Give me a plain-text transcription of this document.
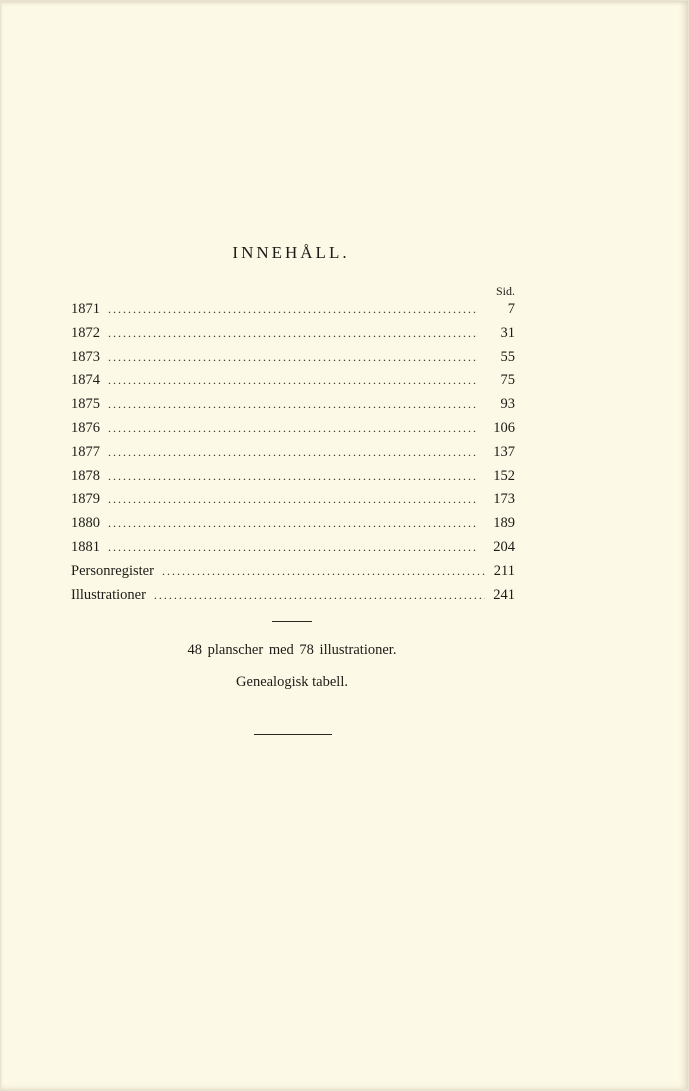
INNEHÅLL.
Sid.
1871 . . .	7
1872 . . .	31
1873 . . .	55
1874 . . .	75
1875 . . .	93
1876 . . .	106
1877 . . .	137
1878 . . .	152
1879 . . .	173
1880 . . .	189
1881 . . .	204
Personregister . . .	211
Illustrationer . . .	241
48 planscher med 78 illustrationer.
Genealogisk tabell.
